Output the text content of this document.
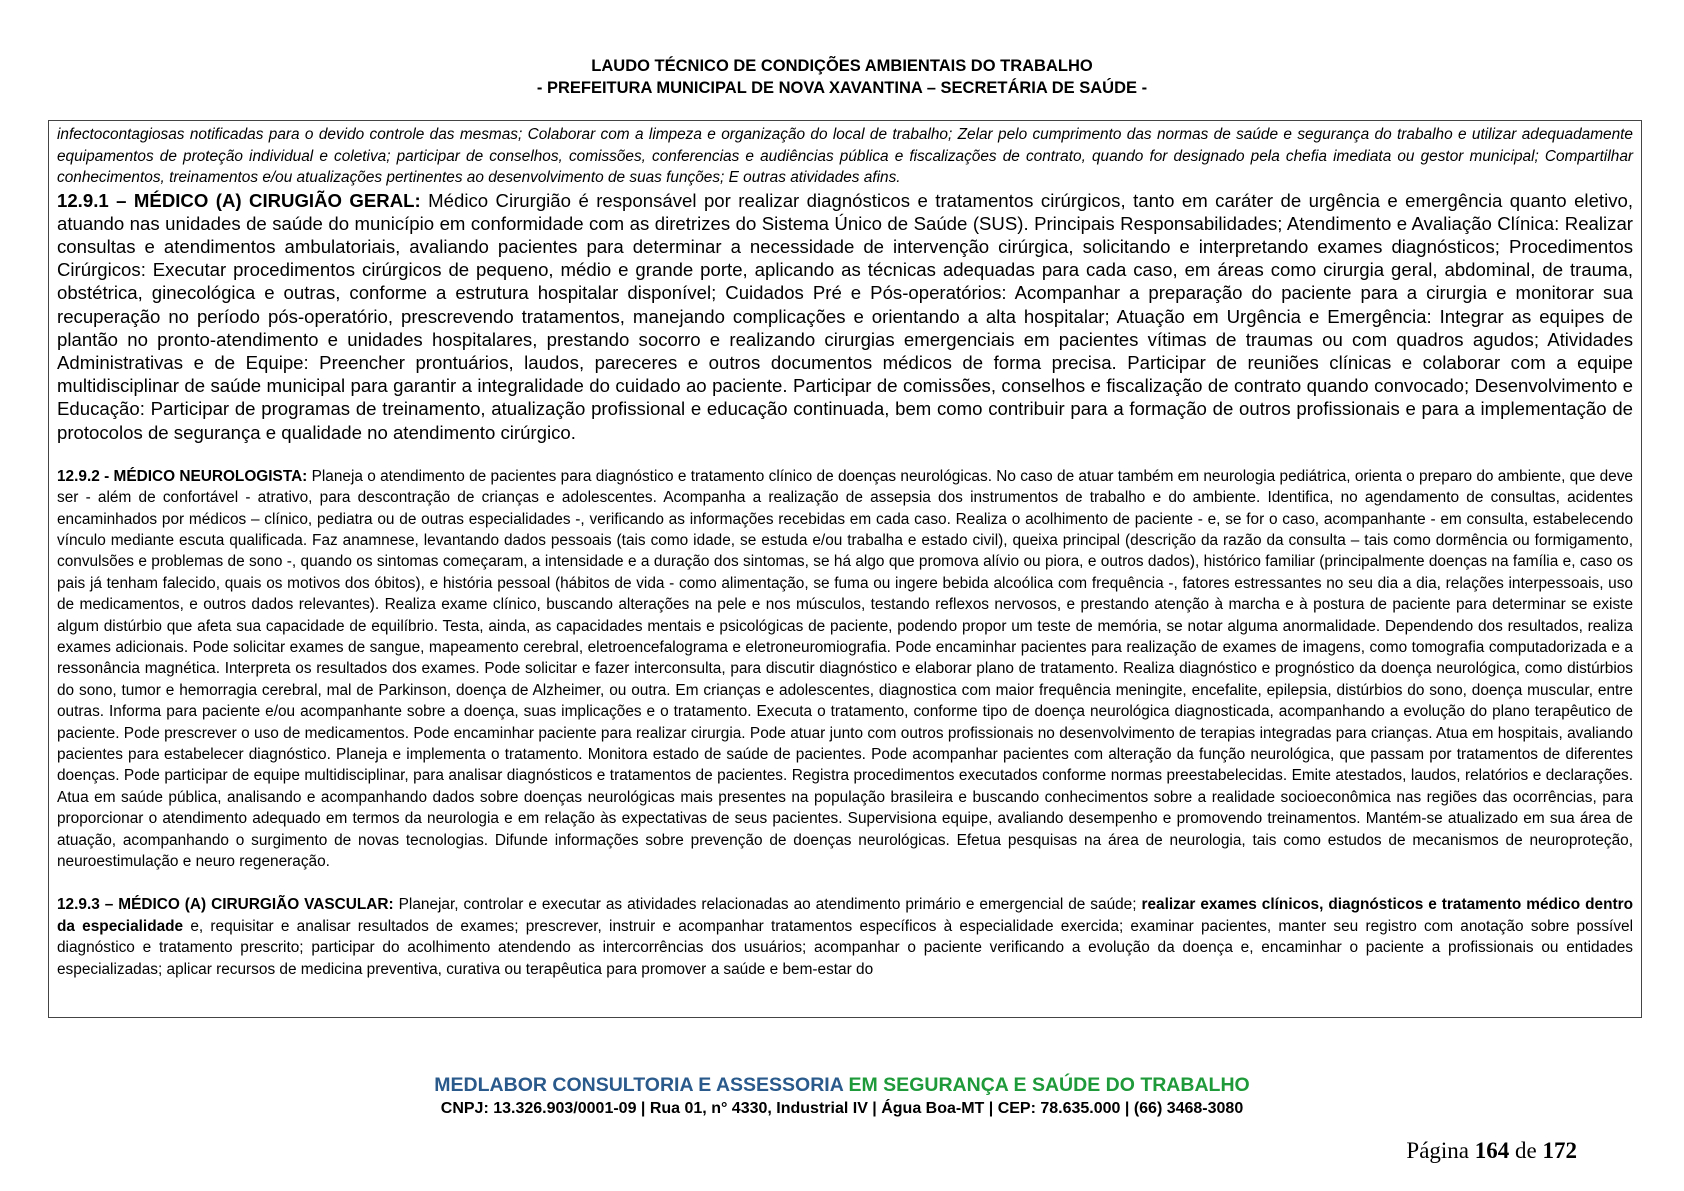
LAUDO TÉCNICO DE CONDIÇÕES AMBIENTAIS DO TRABALHO
- PREFEITURA MUNICIPAL DE NOVA XAVANTINA – SECRETÁRIA DE SAÚDE -

infectocontagiosas notificadas para o devido controle das mesmas; Colaborar com a limpeza e organização do local de trabalho; Zelar pelo cumprimento das normas de saúde e segurança do trabalho e utilizar adequadamente equipamentos de proteção individual e coletiva; participar de conselhos, comissões, conferencias e audiências pública e fiscalizações de contrato, quando for designado pela chefia imediata ou gestor municipal; Compartilhar conhecimentos, treinamentos e/ou atualizações pertinentes ao desenvolvimento de suas funções; E outras atividades afins.

12.9.1 – MÉDICO (A) CIRUGIÃO GERAL: Médico Cirurgião é responsável por realizar diagnósticos e tratamentos cirúrgicos, tanto em caráter de urgência e emergência quanto eletivo, atuando nas unidades de saúde do município em conformidade com as diretrizes do Sistema Único de Saúde (SUS). Principais Responsabilidades; Atendimento e Avaliação Clínica: Realizar consultas e atendimentos ambulatoriais, avaliando pacientes para determinar a necessidade de intervenção cirúrgica, solicitando e interpretando exames diagnósticos; Procedimentos Cirúrgicos: Executar procedimentos cirúrgicos de pequeno, médio e grande porte, aplicando as técnicas adequadas para cada caso, em áreas como cirurgia geral, abdominal, de trauma, obstétrica, ginecológica e outras, conforme a estrutura hospitalar disponível; Cuidados Pré e Pós-operatórios: Acompanhar a preparação do paciente para a cirurgia e monitorar sua recuperação no período pós-operatório, prescrevendo tratamentos, manejando complicações e orientando a alta hospitalar; Atuação em Urgência e Emergência: Integrar as equipes de plantão no pronto-atendimento e unidades hospitalares, prestando socorro e realizando cirurgias emergenciais em pacientes vítimas de traumas ou com quadros agudos; Atividades Administrativas e de Equipe: Preencher prontuários, laudos, pareceres e outros documentos médicos de forma precisa. Participar de reuniões clínicas e colaborar com a equipe multidisciplinar de saúde municipal para garantir a integralidade do cuidado ao paciente. Participar de comissões, conselhos e fiscalização de contrato quando convocado; Desenvolvimento e Educação: Participar de programas de treinamento, atualização profissional e educação continuada, bem como contribuir para a formação de outros profissionais e para a implementação de protocolos de segurança e qualidade no atendimento cirúrgico.

12.9.2 - MÉDICO NEUROLOGISTA: Planeja o atendimento de pacientes para diagnóstico e tratamento clínico de doenças neurológicas. No caso de atuar também em neurologia pediátrica, orienta o preparo do ambiente, que deve ser - além de confortável - atrativo, para descontração de crianças e adolescentes. Acompanha a realização de assepsia dos instrumentos de trabalho e do ambiente. Identifica, no agendamento de consultas, acidentes encaminhados por médicos – clínico, pediatra ou de outras especialidades -, verificando as informações recebidas em cada caso. Realiza o acolhimento de paciente - e, se for o caso, acompanhante - em consulta, estabelecendo vínculo mediante escuta qualificada. Faz anamnese, levantando dados pessoais (tais como idade, se estuda e/ou trabalha e estado civil), queixa principal (descrição da razão da consulta – tais como dormência ou formigamento, convulsões e problemas de sono -, quando os sintomas começaram, a intensidade e a duração dos sintomas, se há algo que promova alívio ou piora, e outros dados), histórico familiar (principalmente doenças na família e, caso os pais já tenham falecido, quais os motivos dos óbitos), e história pessoal (hábitos de vida - como alimentação, se fuma ou ingere bebida alcoólica com frequência -, fatores estressantes no seu dia a dia, relações interpessoais, uso de medicamentos, e outros dados relevantes). Realiza exame clínico, buscando alterações na pele e nos músculos, testando reflexos nervosos, e prestando atenção à marcha e à postura de paciente para determinar se existe algum distúrbio que afeta sua capacidade de equilíbrio. Testa, ainda, as capacidades mentais e psicológicas de paciente, podendo propor um teste de memória, se notar alguma anormalidade. Dependendo dos resultados, realiza exames adicionais. Pode solicitar exames de sangue, mapeamento cerebral, eletroencefalograma e eletroneuromiografia. Pode encaminhar pacientes para realização de exames de imagens, como tomografia computadorizada e a ressonância magnética. Interpreta os resultados dos exames. Pode solicitar e fazer interconsulta, para discutir diagnóstico e elaborar plano de tratamento. Realiza diagnóstico e prognóstico da doença neurológica, como distúrbios do sono, tumor e hemorragia cerebral, mal de Parkinson, doença de Alzheimer, ou outra. Em crianças e adolescentes, diagnostica com maior frequência meningite, encefalite, epilepsia, distúrbios do sono, doença muscular, entre outras. Informa para paciente e/ou acompanhante sobre a doença, suas implicações e o tratamento. Executa o tratamento, conforme tipo de doença neurológica diagnosticada, acompanhando a evolução do plano terapêutico de paciente. Pode prescrever o uso de medicamentos. Pode encaminhar paciente para realizar cirurgia. Pode atuar junto com outros profissionais no desenvolvimento de terapias integradas para crianças. Atua em hospitais, avaliando pacientes para estabelecer diagnóstico. Planeja e implementa o tratamento. Monitora estado de saúde de pacientes. Pode acompanhar pacientes com alteração da função neurológica, que passam por tratamentos de diferentes doenças. Pode participar de equipe multidisciplinar, para analisar diagnósticos e tratamentos de pacientes. Registra procedimentos executados conforme normas preestabelecidas. Emite atestados, laudos, relatórios e declarações. Atua em saúde pública, analisando e acompanhando dados sobre doenças neurológicas mais presentes na população brasileira e buscando conhecimentos sobre a realidade socioeconômica nas regiões das ocorrências, para proporcionar o atendimento adequado em termos da neurologia e em relação às expectativas de seus pacientes. Supervisiona equipe, avaliando desempenho e promovendo treinamentos. Mantém-se atualizado em sua área de atuação, acompanhando o surgimento de novas tecnologias. Difunde informações sobre prevenção de doenças neurológicas. Efetua pesquisas na área de neurologia, tais como estudos de mecanismos de neuroproteção, neuroestimulação e neuro regeneração.

12.9.3 – MÉDICO (A) CIRURGIÃO VASCULAR: Planejar, controlar e executar as atividades relacionadas ao atendimento primário e emergencial de saúde; realizar exames clínicos, diagnósticos e tratamento médico dentro da especialidade e, requisitar e analisar resultados de exames; prescrever, instruir e acompanhar tratamentos específicos à especialidade exercida; examinar pacientes, manter seu registro com anotação sobre possível diagnóstico e tratamento prescrito; participar do acolhimento atendendo as intercorrências dos usuários; acompanhar o paciente verificando a evolução da doença e, encaminhar o paciente a profissionais ou entidades especializadas; aplicar recursos de medicina preventiva, curativa ou terapêutica para promover a saúde e bem-estar do

MEDLABOR CONSULTORIA E ASSESSORIA EM SEGURANÇA E SAÚDE DO TRABALHO
CNPJ: 13.326.903/0001-09 | Rua 01, n° 4330, Industrial IV | Água Boa-MT | CEP: 78.635.000 | (66) 3468-3080
Página 164 de 172
